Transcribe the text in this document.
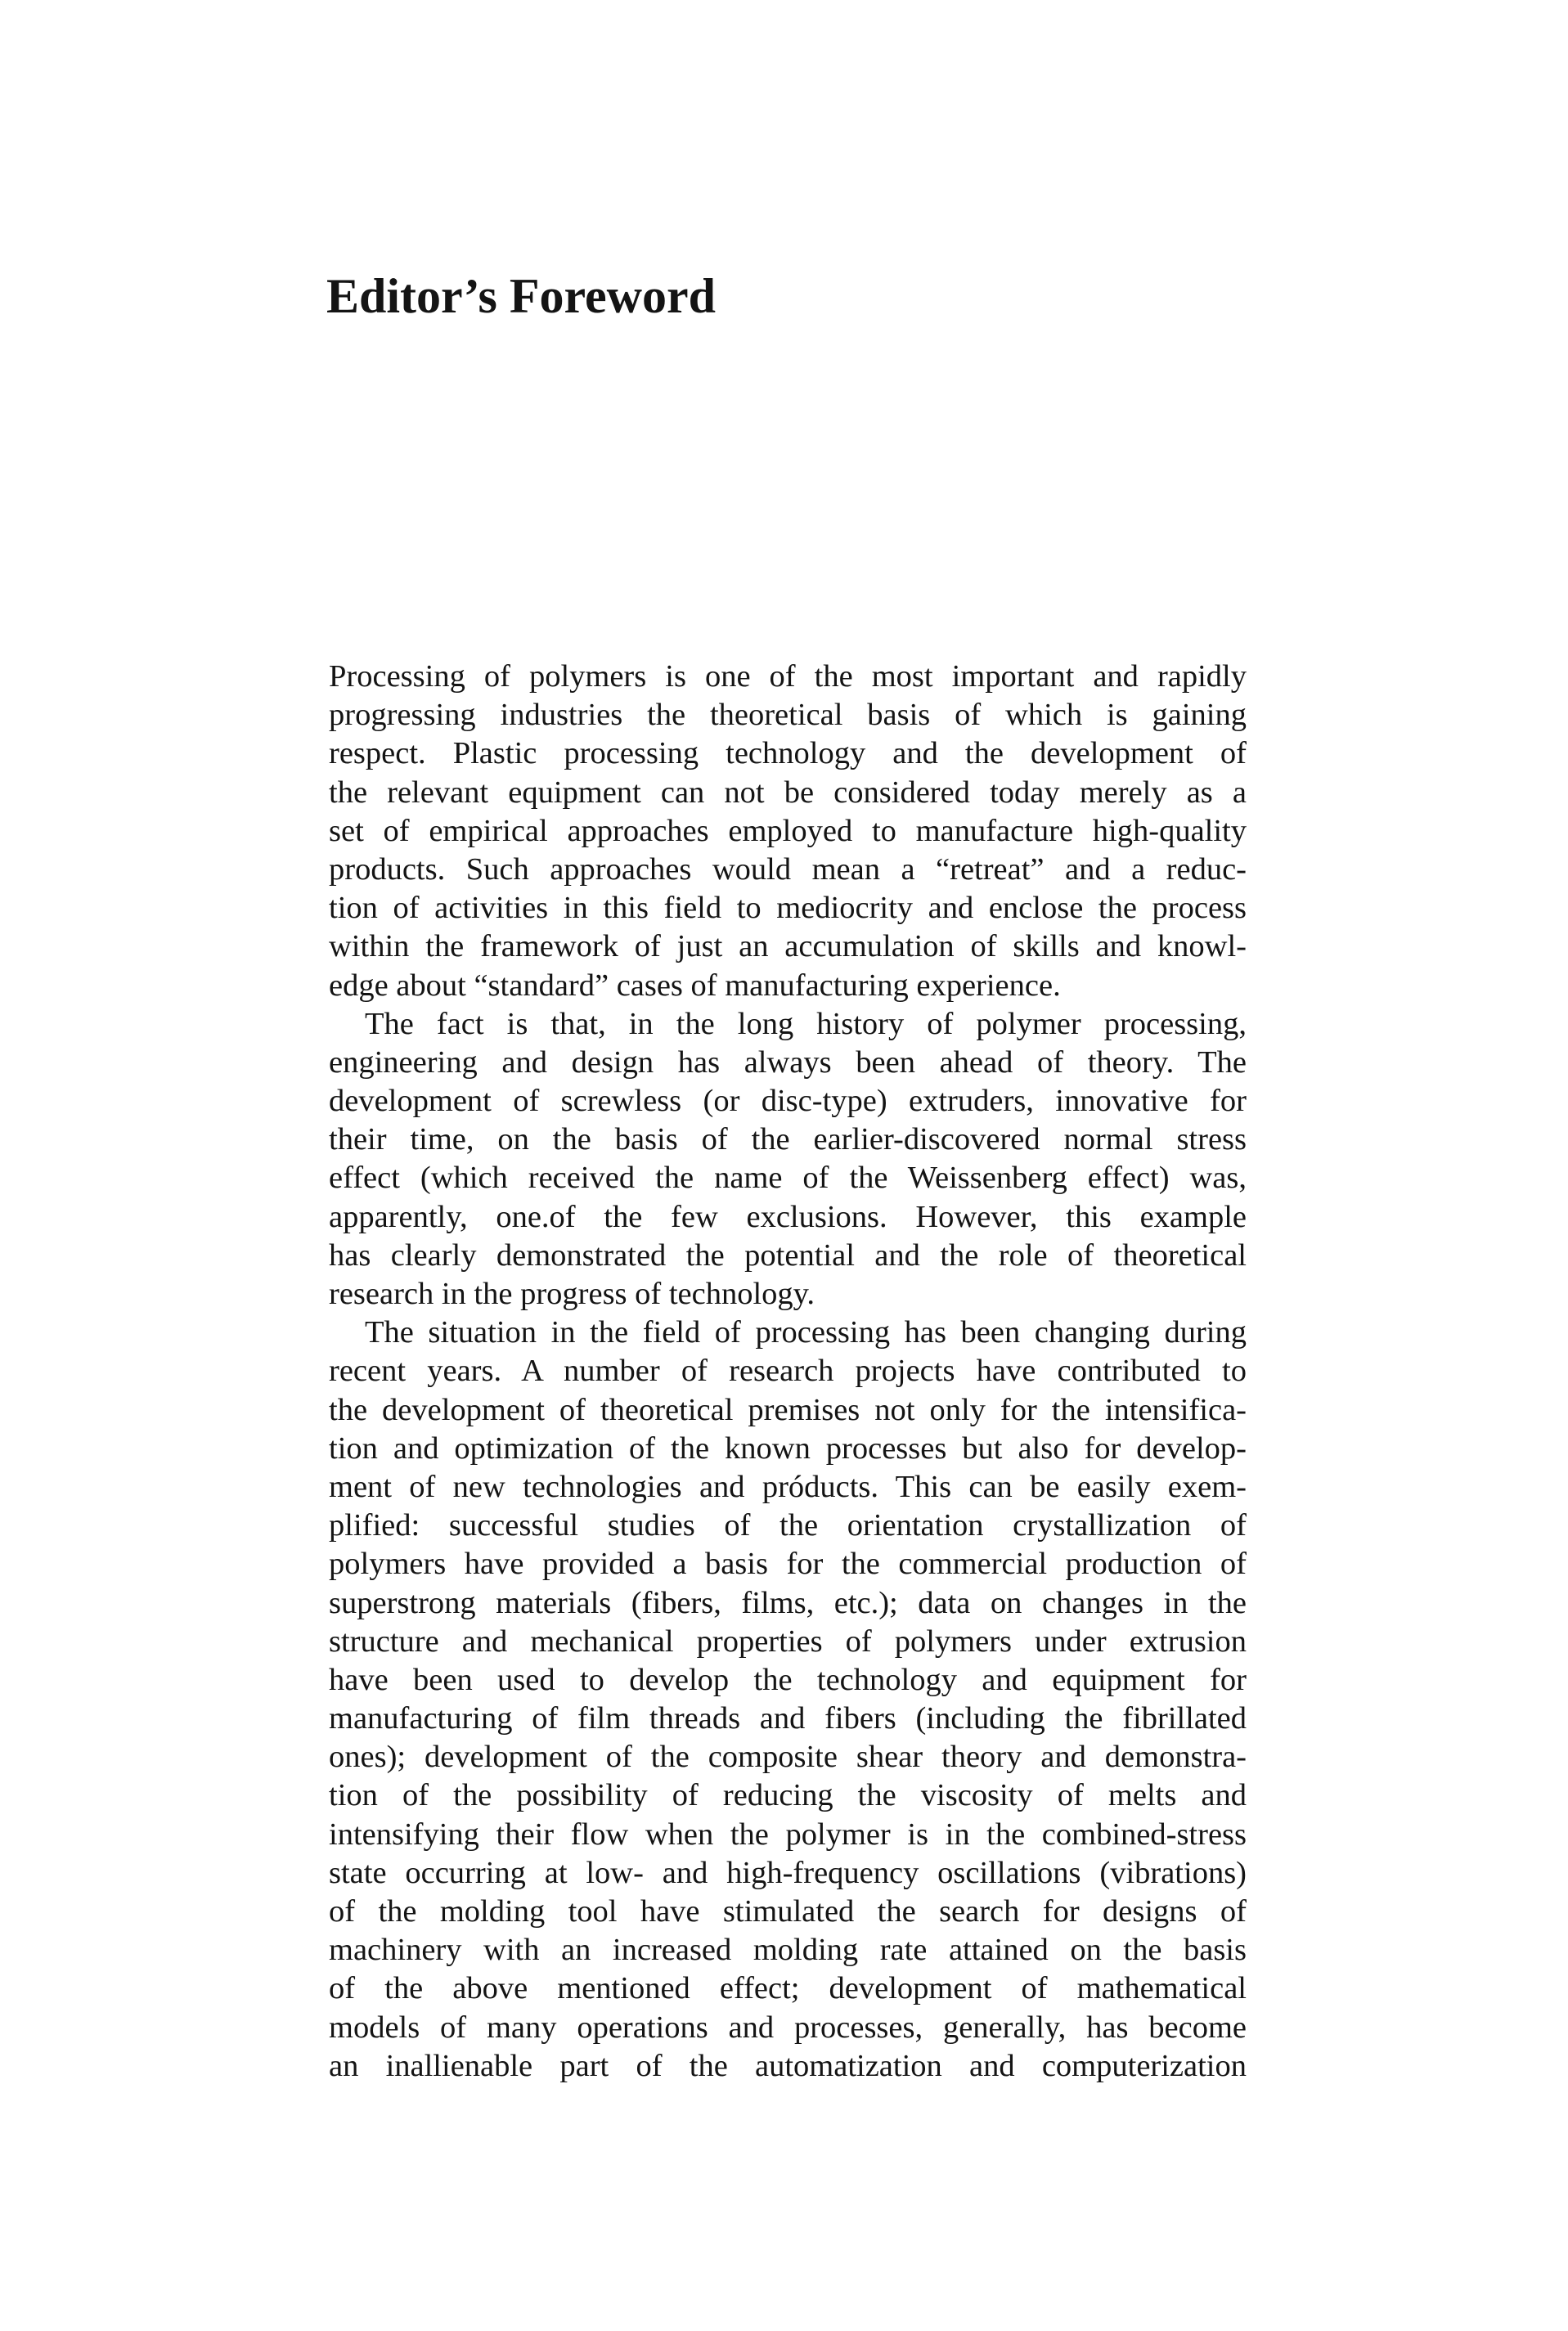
Editor’s Foreword
Processing of polymers is one of the most important and rapidly
progressing industries the theoretical basis of which is gaining
respect. Plastic processing technology and the development of
the relevant equipment can not be considered today merely as a
set of empirical approaches employed to manufacture high-quality
products. Such approaches would mean a “retreat” and a reduc-
tion of activities in this field to mediocrity and enclose the process
within the framework of just an accumulation of skills and knowl-
edge about “standard” cases of manufacturing experience.
The fact is that, in the long history of polymer processing,
engineering and design has always been ahead of theory. The
development of screwless (or disc-type) extruders, innovative for
their time, on the basis of the earlier-discovered normal stress
effect (which received the name of the Weissenberg effect) was,
apparently, one.of the few exclusions. However, this example
has clearly demonstrated the potential and the role of theoretical
research in the progress of technology.
The situation in the field of processing has been changing during
recent years. A number of research projects have contributed to
the development of theoretical premises not only for the intensifica-
tion and optimization of the known processes but also for develop-
ment of new technologies and próducts. This can be easily exem-
plified: successful studies of the orientation crystallization of
polymers have provided a basis for the commercial production of
superstrong materials (fibers, films, etc.); data on changes in the
structure and mechanical properties of polymers under extrusion
have been used to develop the technology and equipment for
manufacturing of film threads and fibers (including the fibrillated
ones); development of the composite shear theory and demonstra-
tion of the possibility of reducing the viscosity of melts and
intensifying their flow when the polymer is in the combined-stress
state occurring at low- and high-frequency oscillations (vibrations)
of the molding tool have stimulated the search for designs of
machinery with an increased molding rate attained on the basis
of the above mentioned effect; development of mathematical
models of many operations and processes, generally, has become
an inallienable part of the automatization and computerization
